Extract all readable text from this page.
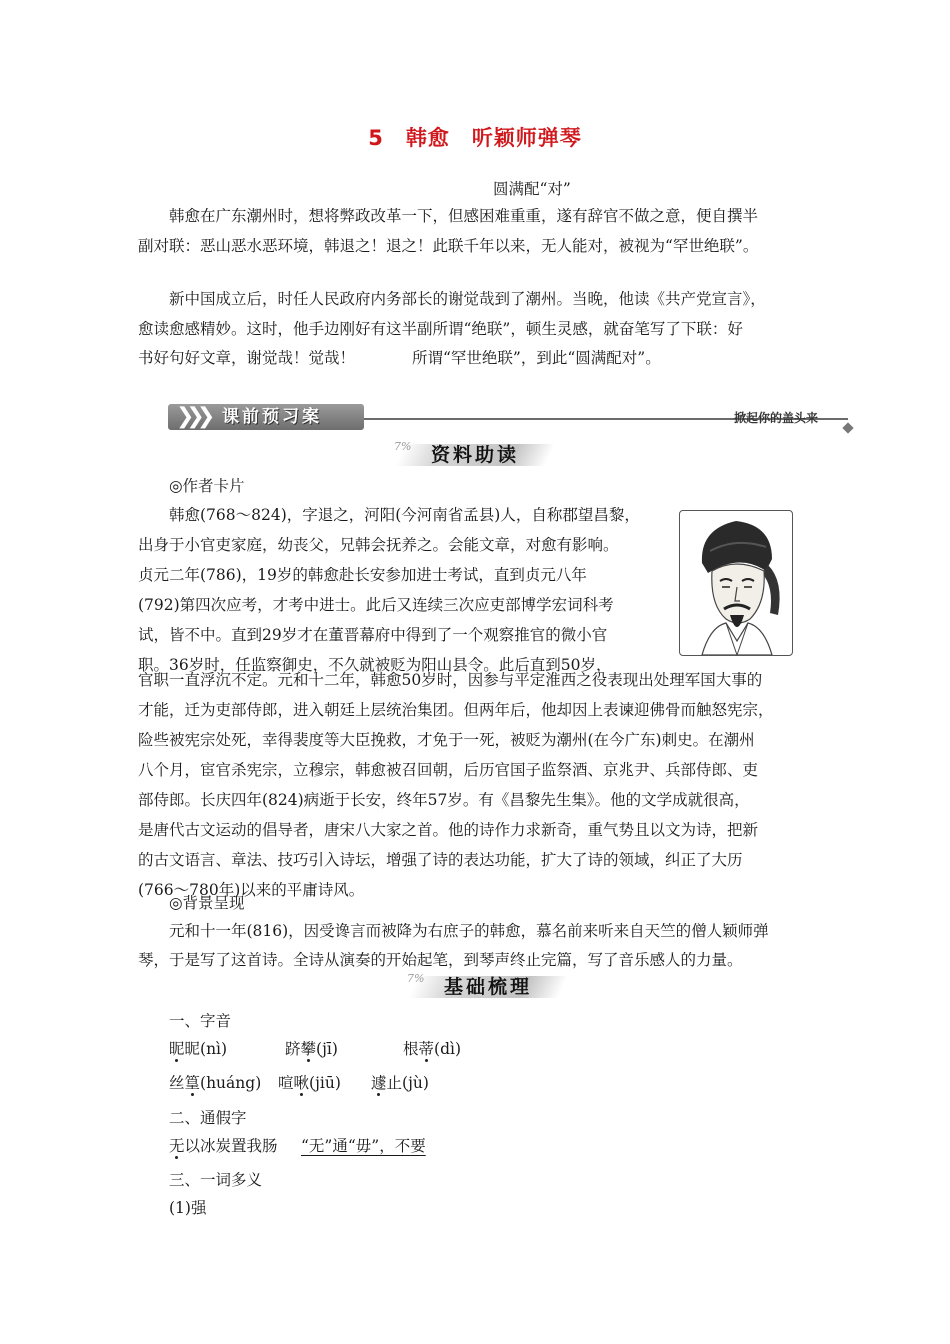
5 韩愈 听颖师弹琴
圆满配“对”
韩愈在广东潮州时，想将弊政改革一下，但感困难重重，遂有辞官不做之意，便自撰半
副对联：恶山恶水恶环境，韩退之！退之！此联千年以来，无人能对，被视为“罕世绝联”。
新中国成立后，时任人民政府内务部长的谢觉哉到了潮州。当晚，他读《共产党宣言》，
愈读愈感精妙。这时，他手边刚好有这半副所谓“绝联”，顿生灵感，就奋笔写了下联：好
书好句好文章，谢觉哉！觉哉！	所谓“罕世绝联”，到此“圆满配对”。
❯❯❯ 课前预习案	掀起你的盖头来
7%	资料助读
◎作者卡片
韩愈(768～824)，字退之，河阳(今河南省孟县)人，自称郡望昌黎，
出身于小官吏家庭，幼丧父，兄韩会抚养之。会能文章，对愈有影响。
贞元二年(786)，19岁的韩愈赴长安参加进士考试，直到贞元八年
(792)第四次应考，才考中进士。此后又连续三次应吏部博学宏词科考
试，皆不中。直到29岁才在董晋幕府中得到了一个观察推官的微小官
职。36岁时，任监察御史，不久就被贬为阳山县令。此后直到50岁，
官职一直浮沉不定。元和十二年，韩愈50岁时，因参与平定淮西之役表现出处理军国大事的
才能，迁为吏部侍郎，进入朝廷上层统治集团。但两年后，他却因上表谏迎佛骨而触怒宪宗，
险些被宪宗处死，幸得裴度等大臣挽救，才免于一死，被贬为潮州(在今广东)刺史。在潮州
八个月，宦官杀宪宗，立穆宗，韩愈被召回朝，后历官国子监祭酒、京兆尹、兵部侍郎、吏
部侍郎。长庆四年(824)病逝于长安，终年57岁。有《昌黎先生集》。他的文学成就很高，
是唐代古文运动的倡导者，唐宋八大家之首。他的诗作力求新奇，重气势且以文为诗，把新
的古文语言、章法、技巧引入诗坛，增强了诗的表达功能，扩大了诗的领域，纠正了大历
(766～780年)以来的平庸诗风。
◎背景呈现
元和十一年(816)，因受谗言而被降为右庶子的韩愈，慕名前来听来自天竺的僧人颖师弹
琴，于是写了这首诗。全诗从演奏的开始起笔，到琴声终止完篇，写了音乐感人的力量。
7%	基础梳理
一、字音
昵昵(nì)	跻攀(jī)	根蒂(dì)
丝篁(huáng) 喧啾(jiū) 遽止(jù)
二、通假字
无以冰炭置我肠 “无”通“毋”，不要
三、一词多义
(1)强
